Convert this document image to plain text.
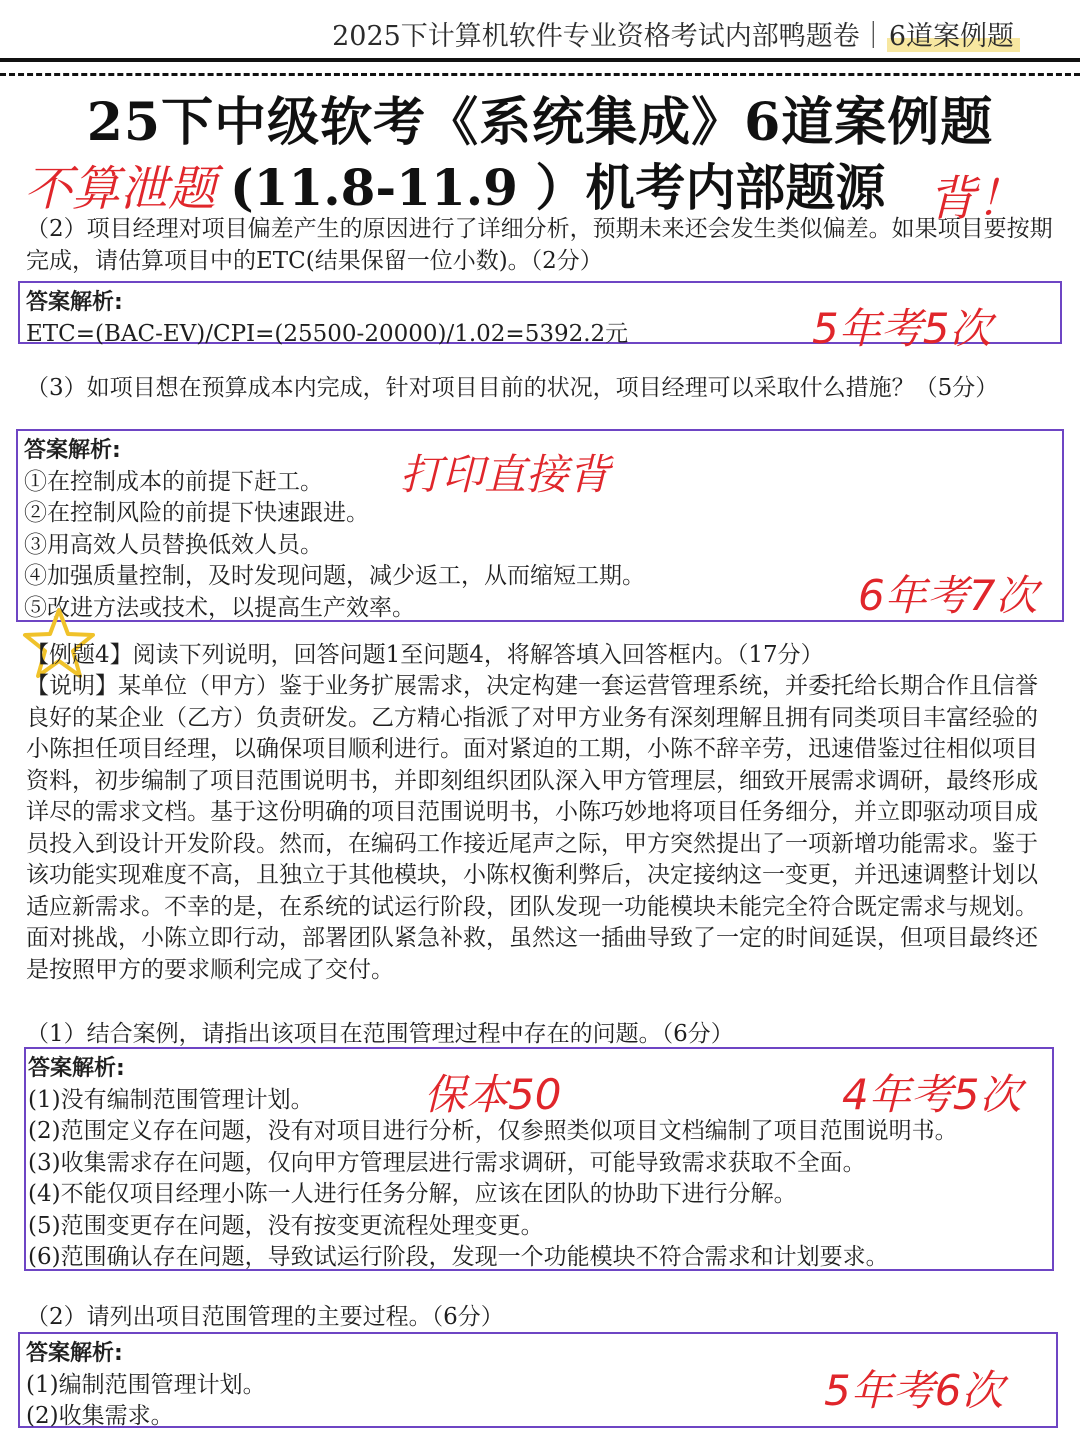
2025下计算机软件专业资格考试内部鸭题卷｜6道案例题
25下中级软考《系统集成》6道案例题
不算泄题 (11.8-11.9 ）机考内部题源 背！
（2）项目经理对项目偏差产生的原因进行了详细分析，预期未来还会发生类似偏差。如果项目要按期完成，请估算项目中的ETC(结果保留一位小数)。（2分）
答案解析:
ETC=(BAC-EV)/CPI=(25500-20000)/1.02=5392.2元	5年考5次
（3）如项目想在预算成本内完成，针对项目目前的状况，项目经理可以采取什么措施？（5分）
答案解析:
①在控制成本的前提下赶工。
②在控制风险的前提下快速跟进。
③用高效人员替换低效人员。
④加强质量控制，及时发现问题，减少返工，从而缩短工期。
⑤改进方法或技术，以提高生产效率。
打印直接背
6年考7次
【例题4】阅读下列说明，回答问题1至问题4，将解答填入回答框内。（17分）
【说明】某单位（甲方）鉴于业务扩展需求，决定构建一套运营管理系统，并委托给长期合作且信誉良好的某企业（乙方）负责研发。乙方精心指派了对甲方业务有深刻理解且拥有同类项目丰富经验的小陈担任项目经理，以确保项目顺利进行。面对紧迫的工期，小陈不辞辛劳，迅速借鉴过往相似项目资料，初步编制了项目范围说明书，并即刻组织团队深入甲方管理层，细致开展需求调研，最终形成详尽的需求文档。基于这份明确的项目范围说明书，小陈巧妙地将项目任务细分，并立即驱动项目成员投入到设计开发阶段。然而，在编码工作接近尾声之际，甲方突然提出了一项新增功能需求。鉴于该功能实现难度不高，且独立于其他模块，小陈权衡利弊后，决定接纳这一变更，并迅速调整计划以适应新需求。不幸的是，在系统的试运行阶段，团队发现一功能模块未能完全符合既定需求与规划。面对挑战，小陈立即行动，部署团队紧急补救，虽然这一插曲导致了一定的时间延误，但项目最终还是按照甲方的要求顺利完成了交付。
（1）结合案例，请指出该项目在范围管理过程中存在的问题。（6分）
答案解析:
(1)没有编制范围管理计划。
(2)范围定义存在问题，没有对项目进行分析，仅参照类似项目文档编制了项目范围说明书。
(3)收集需求存在问题，仅向甲方管理层进行需求调研，可能导致需求获取不全面。
(4)不能仅项目经理小陈一人进行任务分解，应该在团队的协助下进行分解。
(5)范围变更存在问题，没有按变更流程处理变更。
(6)范围确认存在问题，导致试运行阶段，发现一个功能模块不符合需求和计划要求。
保本50	4年考5次
（2）请列出项目范围管理的主要过程。（6分）
答案解析:
(1)编制范围管理计划。
(2)收集需求。
5年考6次
